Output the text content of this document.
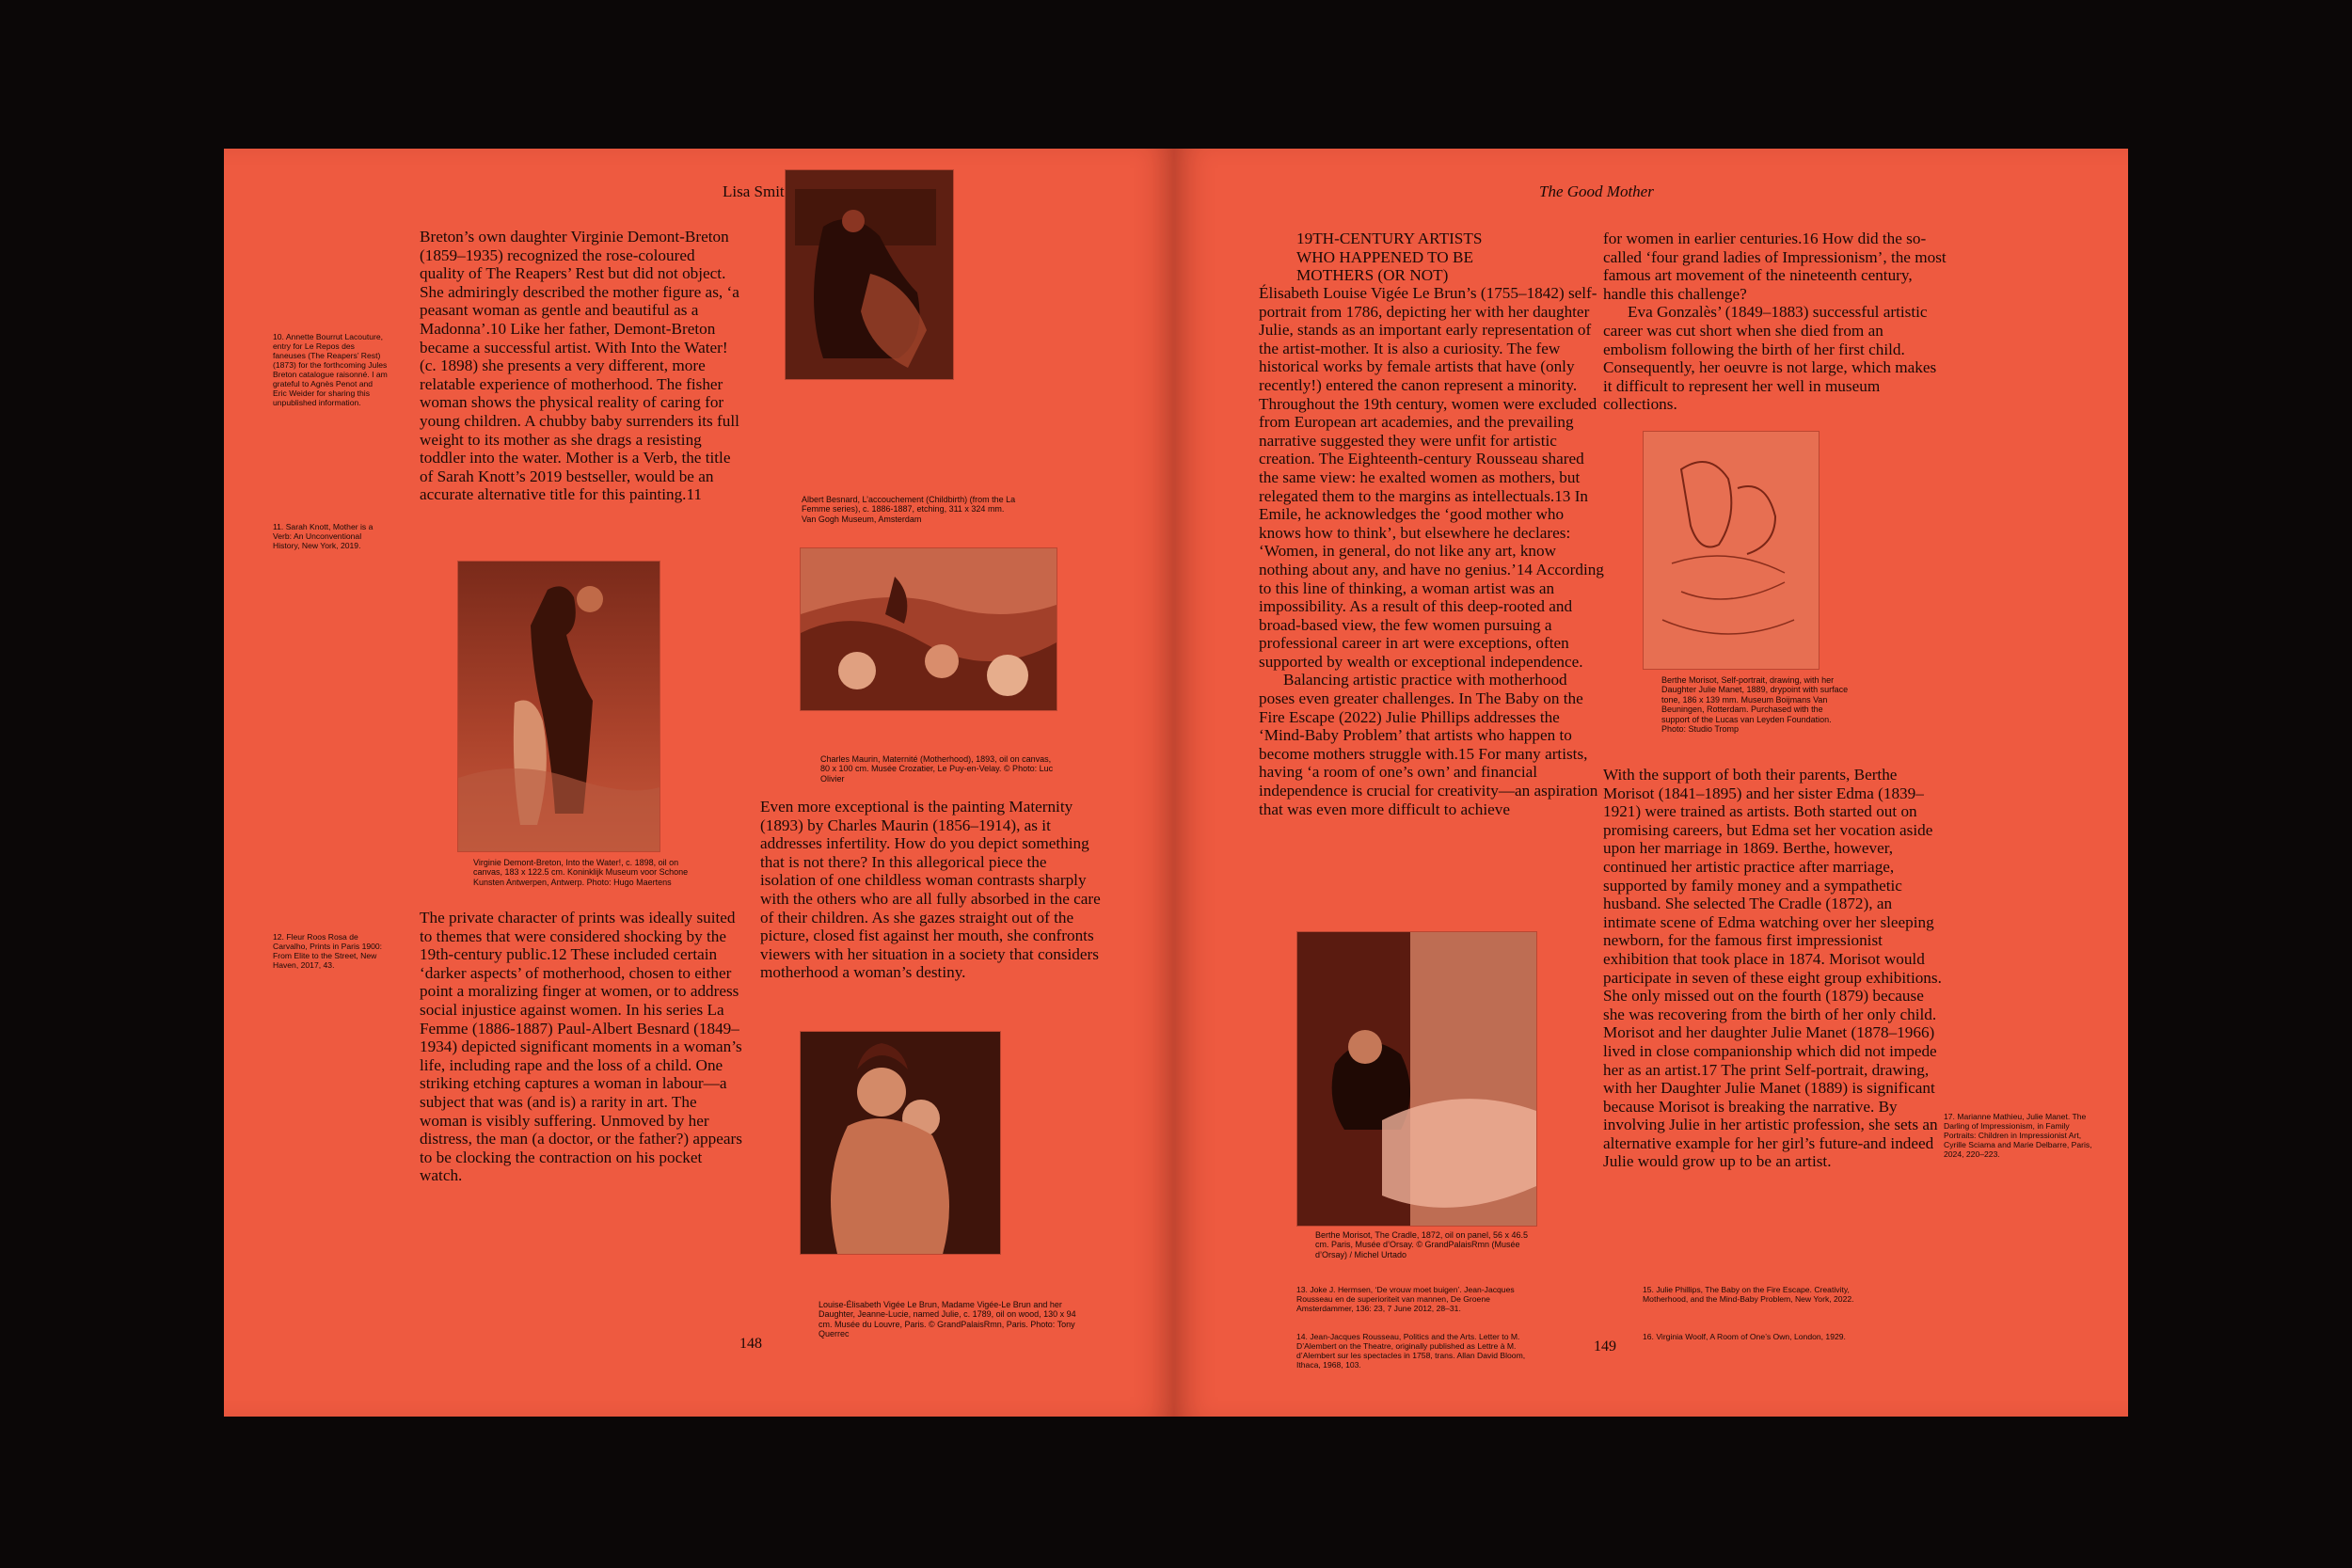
Lisa Smit
10. Annette Bourrut Lacouture, entry for Le Repos des faneuses (The Reapers’ Rest) (1873) for the forthcoming Jules Breton catalogue raisonné. I am grateful to Agnès Penot and Eric Weider for sharing this unpublished information.
11. Sarah Knott, Mother is a Verb: An Unconventional History, New York, 2019.
12. Fleur Roos Rosa de Carvalho, Prints in Paris 1900: From Elite to the Street, New Haven, 2017, 43.

Breton’s own daughter Virginie Demont-Breton (1859–1935) recognized the rose-coloured quality of The Reapers’ Rest but did not object. She admiringly described the mother figure as, ‘a peasant woman as gentle and beautiful as a Madonna’.10 Like her father, Demont-Breton became a successful artist. With Into the Water! (c. 1898) she presents a very different, more relatable experience of motherhood. The fisher woman shows the physical reality of caring for young children. A chubby baby surrenders its full weight to its mother as she drags a resisting toddler into the water. Mother is a Verb, the title of Sarah Knott’s 2019 bestseller, would be an accurate alternative title for this painting.11

Virginie Demont-Breton, Into the Water!, c. 1898, oil on canvas, 183 x 122.5 cm. Koninklijk Museum voor Schone Kunsten Antwerpen, Antwerp. Photo: Hugo Maertens

The private character of prints was ideally suited to themes that were considered shocking by the 19th-century public.12 These included certain ‘darker aspects’ of motherhood, chosen to either point a moralizing finger at women, or to address social injustice against women. In his series La Femme (1886-1887) Paul-Albert Besnard (1849–1934) depicted significant moments in a woman’s life, including rape and the loss of a child. One striking etching captures a woman in labour—a subject that was (and is) a rarity in art. The woman is visibly suffering. Unmoved by her distress, the man (a doctor, or the father?) appears to be clocking the contraction on his pocket watch.

Albert Besnard, L’accouchement (Childbirth) (from the La Femme series), c. 1886-1887, etching, 311 x 324 mm. Van Gogh Museum, Amsterdam
Charles Maurin, Maternité (Motherhood), 1893, oil on canvas, 80 x 100 cm. Musée Crozatier, Le Puy-en-Velay. © Photo: Luc Olivier

Even more exceptional is the painting Maternity (1893) by Charles Maurin (1856–1914), as it addresses infertility. How do you depict something that is not there? In this allegorical piece the isolation of one childless woman contrasts sharply with the others who are all fully absorbed in the care of their children. As she gazes straight out of the picture, closed fist against her mouth, she confronts viewers with her situation in a society that considers motherhood a woman’s destiny.

Louise-Élisabeth Vigée Le Brun, Madame Vigée-Le Brun and her Daughter, Jeanne-Lucie, named Julie, c. 1789, oil on wood, 130 x 94 cm. Musée du Louvre, Paris. © GrandPalaisRmn, Paris. Photo: Tony Querrec
148
The Good Mother
19TH-CENTURY ARTISTS WHO HAPPENED TO BE MOTHERS (OR NOT)

Élisabeth Louise Vigée Le Brun’s (1755–1842) self-portrait from 1786, depicting her with her daughter Julie, stands as an important early representation of the artist-mother. It is also a curiosity. The few historical works by female artists that have (only recently!) entered the canon represent a minority. Throughout the 19th century, women were excluded from European art academies, and the prevailing narrative suggested they were unfit for artistic creation. The Eighteenth-century Rousseau shared the same view: he exalted women as mothers, but relegated them to the margins as intellectuals.13 In Emile, he acknowledges the ‘good mother who knows how to think’, but elsewhere he declares: ‘Women, in general, do not like any art, know nothing about any, and have no genius.’14 According to this line of thinking, a woman artist was an impossibility. As a result of this deep-rooted and broad-based view, the few women pursuing a professional career in art were exceptions, often supported by wealth or exceptional independence.

Balancing artistic practice with motherhood poses even greater challenges. In The Baby on the Fire Escape (2022) Julie Phillips addresses the ‘Mind-Baby Problem’ that artists who happen to become mothers struggle with.15 For many artists, having ‘a room of one’s own’ and financial independence is crucial for creativity—an aspiration that was even more difficult to achieve

Berthe Morisot, The Cradle, 1872, oil on panel, 56 x 46.5 cm. Paris, Musée d’Orsay. © GrandPalaisRmn (Musée d’Orsay) / Michel Urtado

for women in earlier centuries.16 How did the so-called ‘four grand ladies of Impressionism’, the most famous art movement of the nineteenth century, handle this challenge?

Eva Gonzalès’ (1849–1883) successful artistic career was cut short when she died from an embolism following the birth of her first child. Consequently, her oeuvre is not large, which makes it difficult to represent her well in museum collections.

Berthe Morisot, Self-portrait, drawing, with her Daughter Julie Manet, 1889, drypoint with surface tone, 186 x 139 mm. Museum Boijmans Van Beuningen, Rotterdam. Purchased with the support of the Lucas van Leyden Foundation. Photo: Studio Tromp

With the support of both their parents, Berthe Morisot (1841–1895) and her sister Edma (1839–1921) were trained as artists. Both started out on promising careers, but Edma set her vocation aside upon her marriage in 1869. Berthe, however, continued her artistic practice after marriage, supported by family money and a sympathetic husband. She selected The Cradle (1872), an intimate scene of Edma watching over her sleeping newborn, for the famous first impressionist exhibition that took place in 1874. Morisot would participate in seven of these eight group exhibitions. She only missed out on the fourth (1879) because she was recovering from the birth of her only child. Morisot and her daughter Julie Manet (1878–1966) lived in close companionship which did not impede her as an artist.17 The print Self-portrait, drawing, with her Daughter Julie Manet (1889) is significant because Morisot is breaking the narrative. By involving Julie in her artistic profession, she sets an alternative example for her girl’s future-and indeed Julie would grow up to be an artist.

17. Marianne Mathieu, Julie Manet. The Darling of Impressionism, in Family Portraits: Children in Impressionist Art, Cyrille Sciama and Marie Delbarre, Paris, 2024, 220–223.
13. Joke J. Hermsen, ‘De vrouw moet buigen’. Jean-Jacques Rousseau en de superioriteit van mannen, De Groene Amsterdammer, 136: 23, 7 June 2012, 28–31.
14. Jean-Jacques Rousseau, Politics and the Arts. Letter to M. D’Alembert on the Theatre, originally published as Lettre à M. d’Alembert sur les spectacles in 1758, trans. Allan David Bloom, Ithaca, 1968, 103.
15. Julie Phillips, The Baby on the Fire Escape. Creativity, Motherhood, and the Mind-Baby Problem, New York, 2022.
16. Virginia Woolf, A Room of One’s Own, London, 1929.
149
